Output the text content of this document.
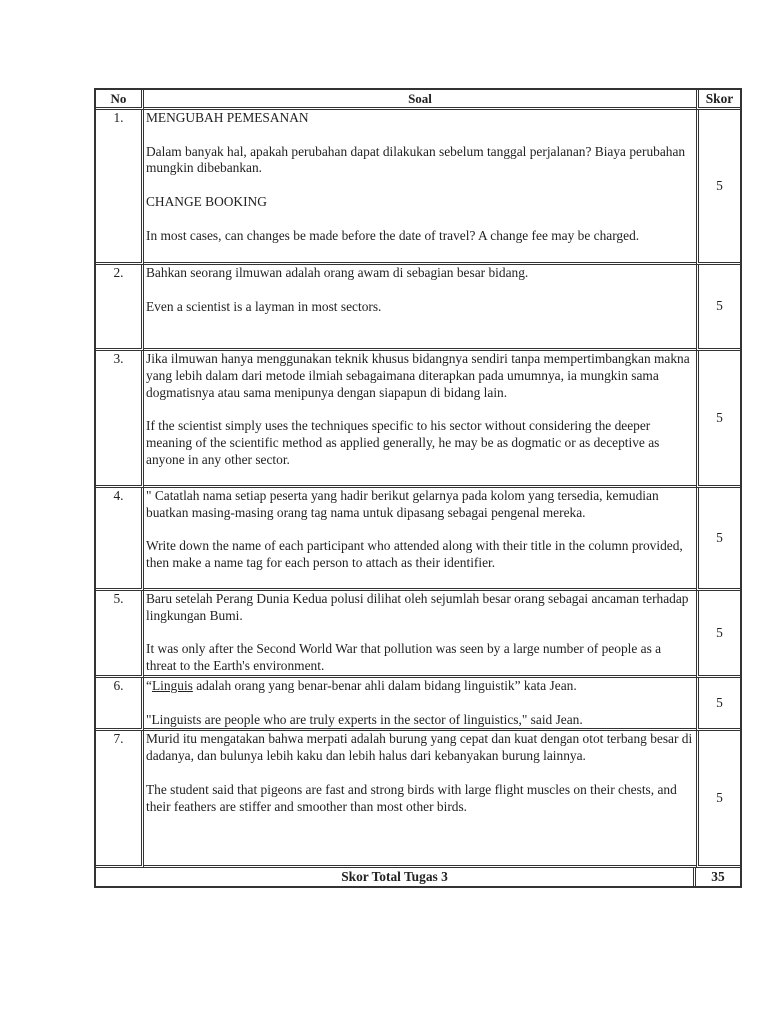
No	Soal	Skor
1.	MENGUBAH PEMESANAN

Dalam banyak hal, apakah perubahan dapat dilakukan sebelum tanggal perjalanan? Biaya perubahan mungkin dibebankan.

CHANGE BOOKING

In most cases, can changes be made before the date of travel? A change fee may be charged.	5
2.	Bahkan seorang ilmuwan adalah orang awam di sebagian besar bidang.

Even a scientist is a layman in most sectors.	5
3.	Jika ilmuwan hanya menggunakan teknik khusus bidangnya sendiri tanpa mempertimbangkan makna yang lebih dalam dari metode ilmiah sebagaimana diterapkan pada umumnya, ia mungkin sama dogmatisnya atau sama menipunya dengan siapapun di bidang lain.

If the scientist simply uses the techniques specific to his sector without considering the deeper meaning of the scientific method as applied generally, he may be as dogmatic or as deceptive as anyone in any other sector.	5
4.	" Catatlah nama setiap peserta yang hadir berikut gelarnya pada kolom yang tersedia, kemudian buatkan masing-masing orang tag nama untuk dipasang sebagai pengenal mereka.

Write down the name of each participant who attended along with their title in the column provided, then make a name tag for each person to attach as their identifier.	5
5.	Baru setelah Perang Dunia Kedua polusi dilihat oleh sejumlah besar orang sebagai ancaman terhadap lingkungan Bumi.

It was only after the Second World War that pollution was seen by a large number of people as a threat to the Earth's environment.	5
6.	“Linguis adalah orang yang benar-benar ahli dalam bidang linguistik” kata Jean.

"Linguists are people who are truly experts in the sector of linguistics," said Jean.	5
7.	Murid itu mengatakan bahwa merpati adalah burung yang cepat dan kuat dengan otot terbang besar di dadanya, dan bulunya lebih kaku dan lebih halus dari kebanyakan burung lainnya.

The student said that pigeons are fast and strong birds with large flight muscles on their chests, and their feathers are stiffer and smoother than most other birds.	5
Skor Total Tugas 3		35
